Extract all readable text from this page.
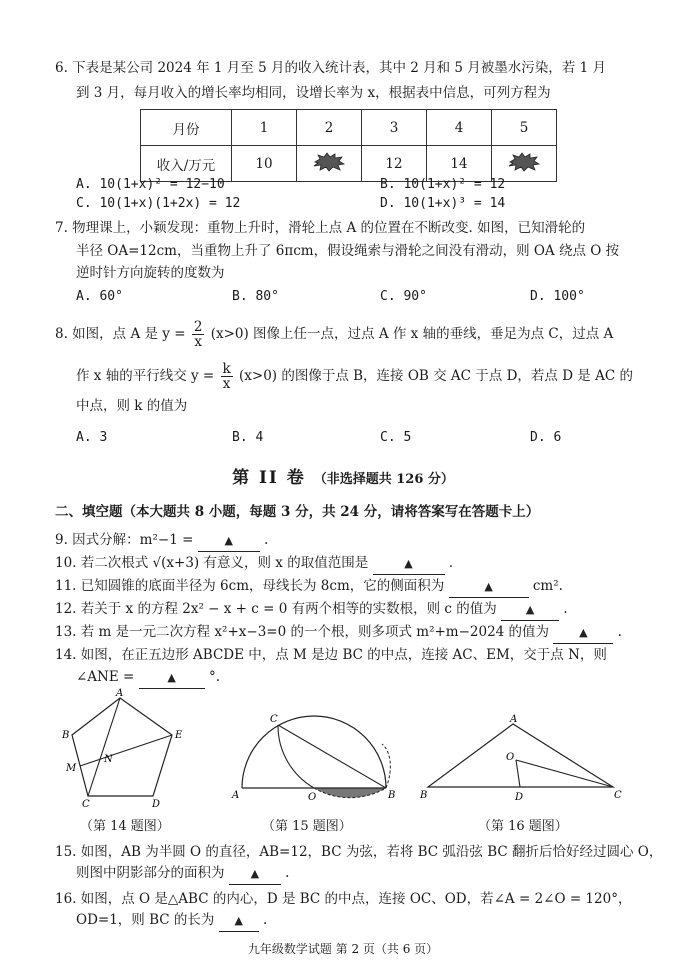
6. 下表是某公司 2024 年 1 月至 5 月的收入统计表，其中 2 月和 5 月被墨水污染，若 1 月
到 3 月，每月收入的增长率均相同，设增长率为 x，根据表中信息，可列方程为
月份	1	2	3	4	5
收入/万元	10		12	14	
A. 10(1+x)² = 12−10	B. 10(1+x)² = 12
C. 10(1+x)(1+2x) = 12	D. 10(1+x)³ = 14
7. 物理课上，小颖发现：重物上升时，滑轮上点 A 的位置在不断改变. 如图，已知滑轮的
半径 OA=12cm，当重物上升了 6πcm，假设绳索与滑轮之间没有滑动，则 OA 绕点 O 按
逆时针方向旋转的度数为
A. 60°	B. 80°	C. 90°	D. 100°
8. 如图，点 A 是 $y = \frac{2}{x} (x>0)$ 图像上任一点，过点 A 作 x 轴的垂线，垂足为点 C，过点 A
作 x 轴的平行线交 $y = \frac{k}{x} (x>0)$ 的图像于点 B，连接 OB 交 AC 于点 D，若点 D 是 AC 的
中点，则 k 的值为
A. 3	B. 4	C. 5	D. 6
第 II 卷 （非选择题共 126 分）
二、填空题（本大题共 8 小题，每题 3 分，共 24 分，请将答案写在答题卡上）
9. 因式分解：m²−1 =	▲ .
10. 若二次根式 √(x+3) 有意义，则 x 的取值范围是	▲	.
11. 已知圆锥的底面半径为 6cm，母线长为 8cm，它的侧面积为	▲	cm².
12. 若关于 x 的方程 2x² − x + c = 0 有两个相等的实数根，则 c 的值为	▲ .
13. 若 m 是一元二次方程 x²+x−3=0 的一个根，则多项式 m²+m−2024 的值为	▲ .
14. 如图，在正五边形 ABCDE 中，点 M 是边 BC 的中点，连接 AC、EM，交于点 N，则
∠ANE =	▲ °.
A
B
C	D
E
M
N
（第 14 题图）
A	O	B
C
（第 15 题图）
A
O
B	D	C
（第 16 题图）
15. 如图，AB 为半圆 O 的直径，AB=12，BC 为弦，若将 BC 弧沿弦 BC 翻折后恰好经过圆心 O，
则图中阴影部分的面积为 ▲ .
16. 如图，点 O 是△ABC 的内心，D 是 BC 的中点，连接 OC、OD，若∠A = 2∠O = 120°，
OD=1，则 BC 的长为 ▲ .
九年级数学试题 第 2 页（共 6 页）
